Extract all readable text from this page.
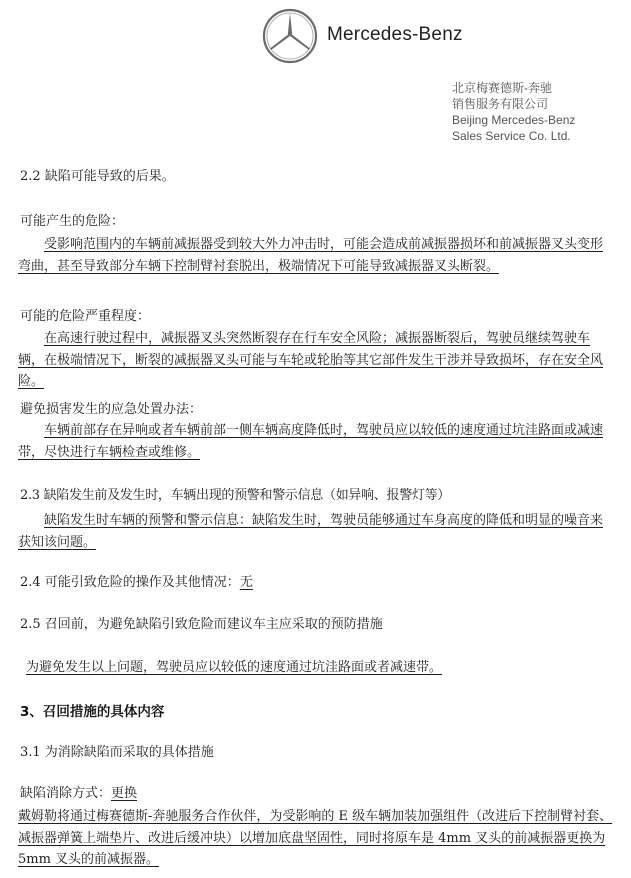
Mercedes-Benz
北京梅赛德斯-奔驰
销售服务有限公司
Beijing Mercedes-Benz
Sales Service Co. Ltd.
2.2 缺陷可能导致的后果。
可能产生的危险：

受影响范围内的车辆前减振器受到较大外力冲击时，可能会造成前减振器损坏和前减振器叉头变形弯曲，甚至导致部分车辆下控制臂衬套脱出，极端情况下可能导致减振器叉头断裂。

可能的危险严重程度：

在高速行驶过程中，减振器叉头突然断裂存在行车安全风险；减振器断裂后，驾驶员继续驾驶车辆，在极端情况下，断裂的减振器叉头可能与车轮或轮胎等其它部件发生干涉并导致损坏，存在安全风险。

避免损害发生的应急处置办法：

车辆前部存在异响或者车辆前部一侧车辆高度降低时，驾驶员应以较低的速度通过坑洼路面或减速带，尽快进行车辆检查或维修。

2.3 缺陷发生前及发生时，车辆出现的预警和警示信息（如异响、报警灯等）

缺陷发生时车辆的预警和警示信息：缺陷发生时，驾驶员能够通过车身高度的降低和明显的噪音来获知该问题。

2.4 可能引致危险的操作及其他情况：无
2.5 召回前，为避免缺陷引致危险而建议车主应采取的预防措施
为避免发生以上问题，驾驶员应以较低的速度通过坑洼路面或者减速带。
3、召回措施的具体内容
3.1 为消除缺陷而采取的具体措施
缺陷消除方式：更换

戴姆勒将通过梅赛德斯-奔驰服务合作伙伴，为受影响的 E 级车辆加装加强组件（改进后下控制臂衬套、减振器弹簧上端垫片、改进后缓冲块）以增加底盘坚固性，同时将原车是 4mm 叉头的前减振器更换为 5mm 叉头的前减振器。
